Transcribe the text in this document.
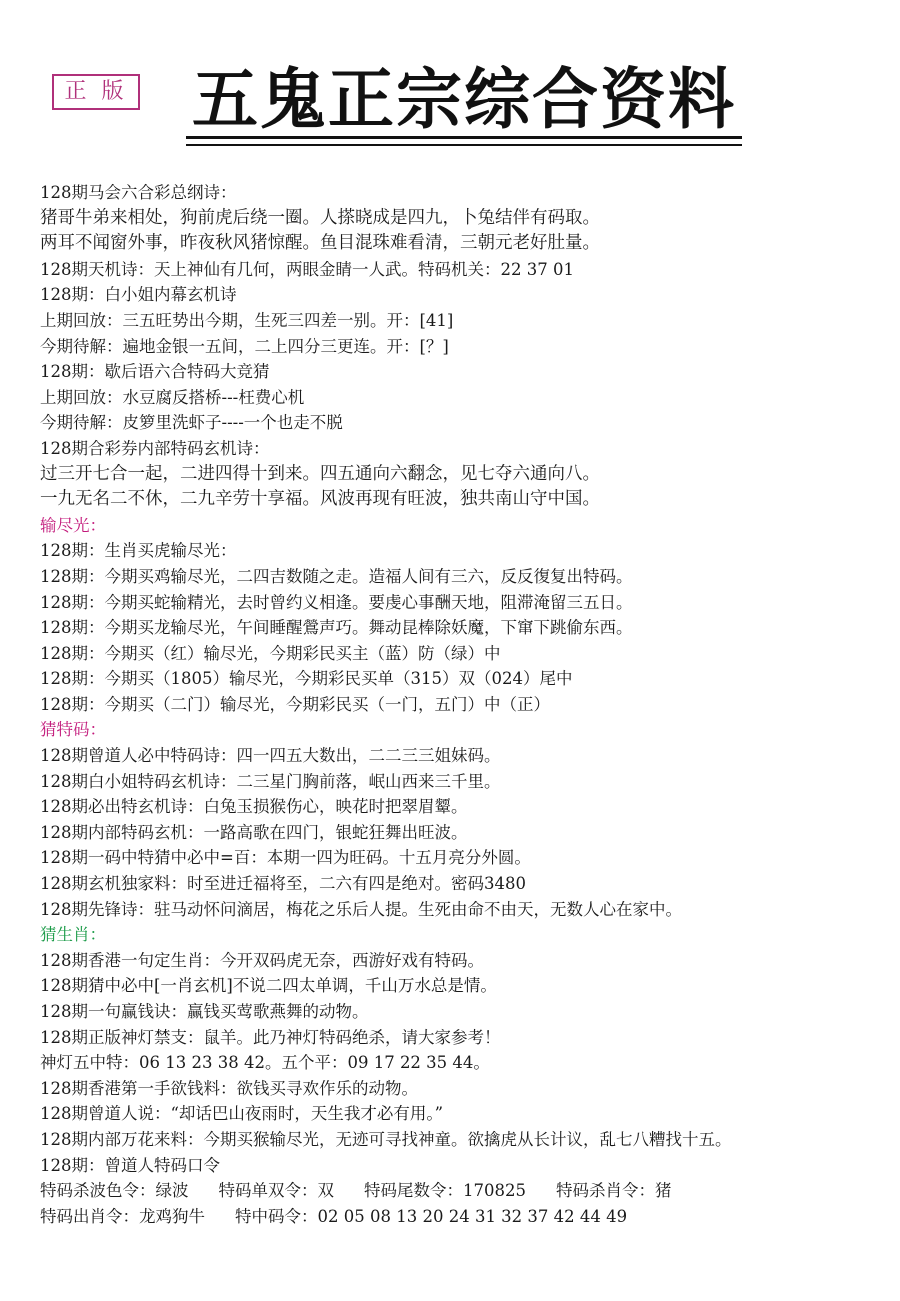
正 版 五鬼正宗综合资料
128期马会六合彩总纲诗：
猪哥牛弟来相处，狗前虎后绕一圈。人搽晓成是四九，卜兔结伴有码取。
两耳不闻窗外事，昨夜秋风猪惊醒。鱼目混珠难看清，三朝元老好肚量。
128期天机诗：天上神仙有几何，两眼金睛一人武。特码机关：22 37 01
128期：白小姐内幕玄机诗
上期回放：三五旺势出今期，生死三四差一别。开：[41]
今期待解：遍地金银一五间，二上四分三更连。开：[？]
128期：歇后语六合特码大竞猜
上期回放：水豆腐反搭桥---枉费心机
今期待解：皮箩里洗虾子----一个也走不脱
128期合彩券内部特码玄机诗：
过三开七合一起，二进四得十到来。四五通向六翻念，见七夺六通向八。
一九无名二不休，二九辛劳十享福。风波再现有旺波，独共南山守中国。
输尽光：
128期：生肖买虎输尽光：
128期：今期买鸡输尽光，二四吉数随之走。造福人间有三六，反反復复出特码。
128期：今期买蛇输精光，去时曾约义相逢。要虔心事酬天地，阻滞淹留三五日。
128期：今期买龙输尽光，午间睡醒鶯声巧。舞动昆棒除妖魔，下窜下跳偷东西。
128期：今期买（红）输尽光，今期彩民买主（蓝）防（绿）中
128期：今期买（1805）输尽光，今期彩民买单（315）双（024）尾中
128期：今期买（二门）输尽光，今期彩民买（一门，五门）中（正）
猜特码：
128期曾道人必中特码诗：四一四五大数出，二二三三姐妹码。
128期白小姐特码玄机诗：二三星门胸前落，岷山西来三千里。
128期必出特玄机诗：白兔玉损猴伤心，映花时把翠眉颦。
128期内部特码玄机：一路高歌在四门，银蛇狂舞出旺波。
128期一码中特猜中必中=百：本期一四为旺码。十五月亮分外圆。
128期玄机独家料：时至进迁福将至，二六有四是绝对。密码3480
128期先锋诗：驻马动怀问滴居，梅花之乐后人提。生死由命不由天，无数人心在家中。
猜生肖：
128期香港一句定生肖：今开双码虎无奈，西游好戏有特码。
128期猜中必中[一肖玄机]不说二四太单调，千山万水总是情。
128期一句赢钱诀：赢钱买莺歌燕舞的动物。
128期正版神灯禁支：鼠羊。此乃神灯特码绝杀，请大家参考！
神灯五中特：06 13 23 38 42。五个平：09 17 22 35 44。
128期香港第一手欲钱料：欲钱买寻欢作乐的动物。
128期曾道人说：“却话巴山夜雨时，天生我才必有用。”
128期内部万花来料：今期买猴输尽光，无迹可寻找神童。欲擒虎从长计议，乱七八糟找十五。
128期：曾道人特码口令
特码杀波色令：绿波 特码单双令：双 特码尾数令：170825 特码杀肖令：猪
特码出肖令：龙鸡狗牛 特中码令：02 05 08 13 20 24 31 32 37 42 44 49
